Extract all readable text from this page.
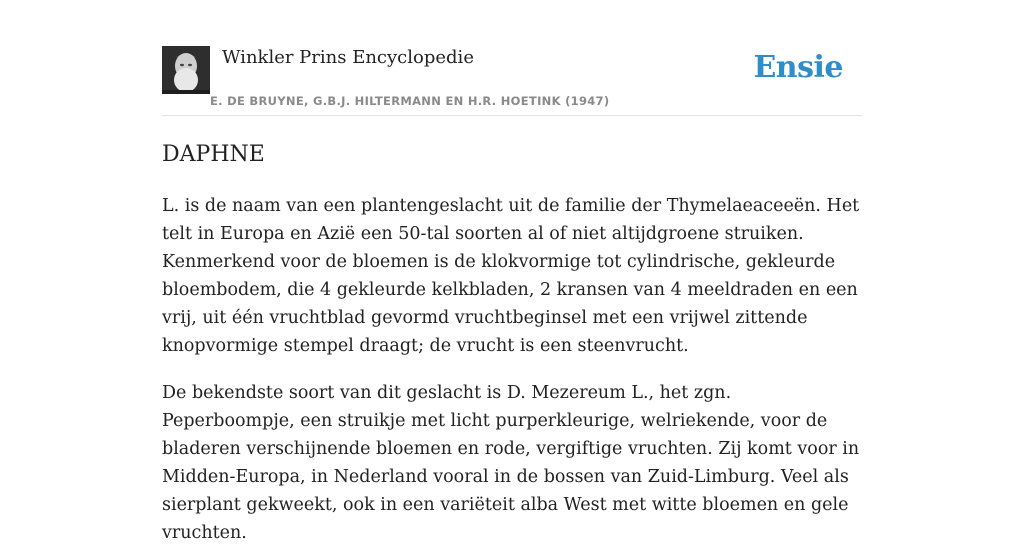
Winkler Prins Encyclopedie
E. DE BRUYNE, G.B.J. HILTERMANN EN H.R. HOETINK (1947)
Ensie
DAPHNE

L. is de naam van een plantengeslacht uit de familie der Thymelaeaceeën. Het telt in Europa en Azië een 50-tal soorten al of niet altijdgroene struiken. Kenmerkend voor de bloemen is de klokvormige tot cylindrische, gekleurde bloembodem, die 4 gekleurde kelkbladen, 2 kransen van 4 meeldraden en een vrij, uit één vruchtblad gevormd vruchtbeginsel met een vrijwel zittende knopvormige stempel draagt; de vrucht is een steenvrucht.

De bekendste soort van dit geslacht is D. Mezereum L., het zgn. Peperboompje, een struikje met licht purperkleurige, welriekende, voor de bladeren verschijnende bloemen en rode, vergiftige vruchten. Zij komt voor in Midden-Europa, in Nederland vooral in de bossen van Zuid-Limburg. Veel als sierplant gekweekt, ook in een variëteit alba West met witte bloemen en gele vruchten.
